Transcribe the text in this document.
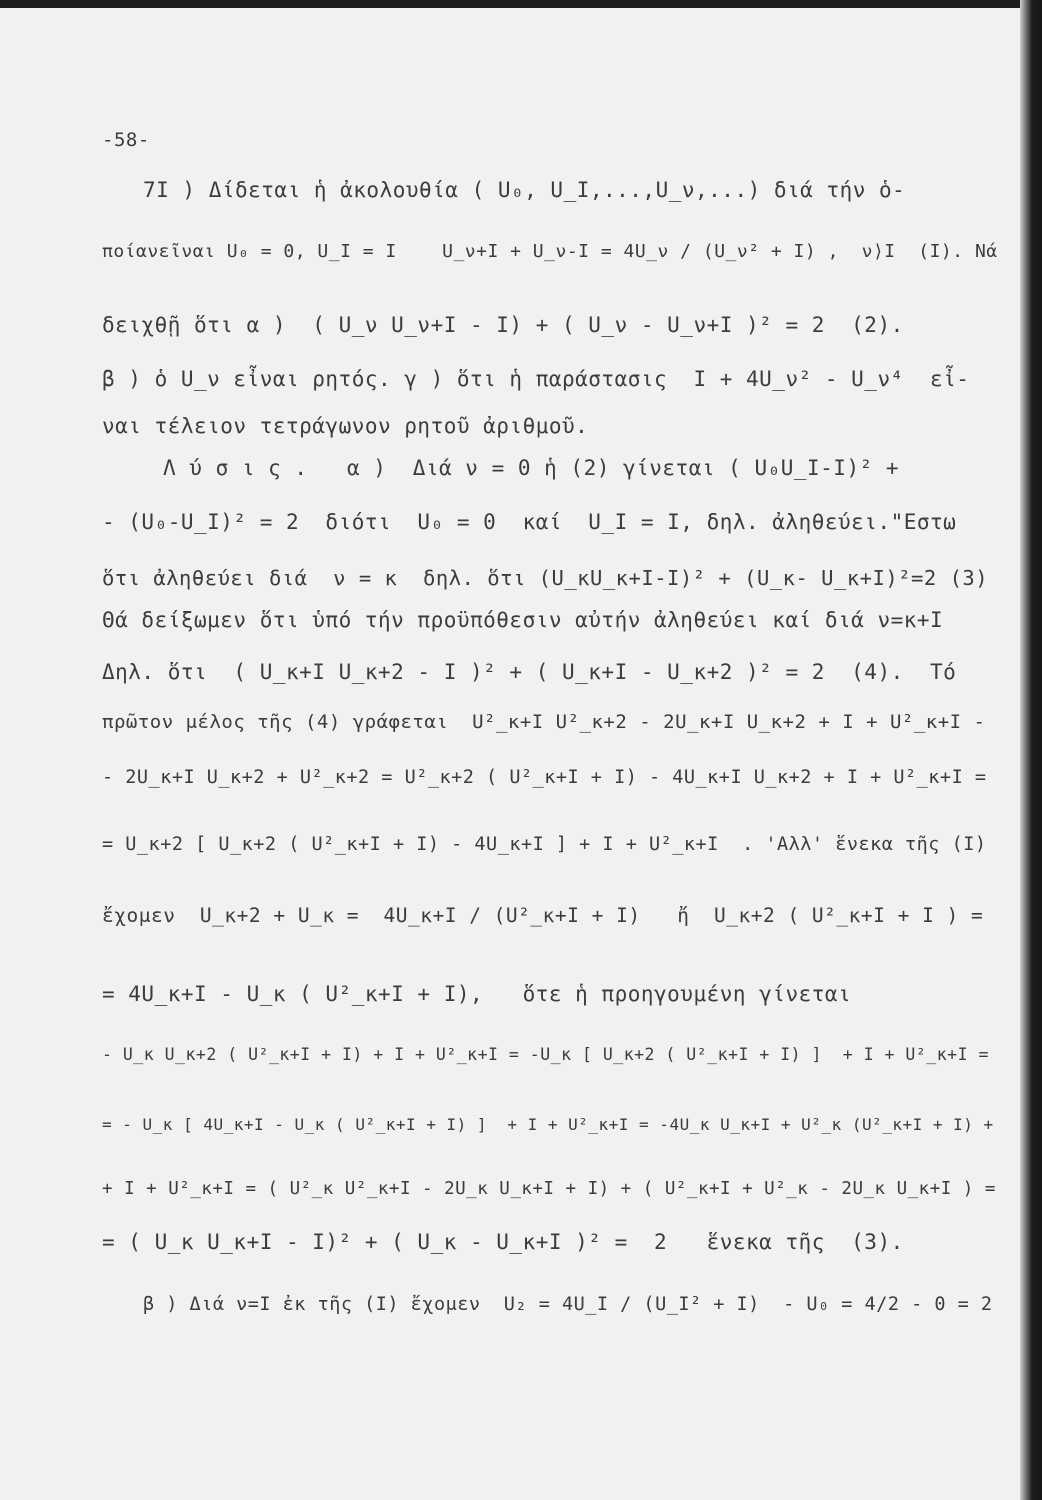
-58-
7I ) Δίδεται ἡ ἀκολουθία ( U₀, U_I,...,U_ν,...) διά τήν ὁ-
ποίανεῖναι U₀ = 0, U_I = I    U_ν+I + U_ν-I = 4U_ν / (U_ν² + I) ,  ν⟩I  (I). Νά
δειχθῇ ὅτι α )  ( U_ν U_ν+I - I) + ( U_ν - U_ν+I )² = 2  (2).
β ) ὁ U_ν εἶναι ρητός. γ ) ὅτι ἡ παράστασις  I + 4U_ν² - U_ν⁴  εἶ-
ναι τέλειον τετράγωνον ρητοῦ ἀριθμοῦ.
Λ ύ σ ι ς .   α )  Διά ν = 0 ἡ (2) γίνεται ( U₀U_I-I)² +
- (U₀-U_I)² = 2  διότι  U₀ = 0  καί  U_I = I, δηλ. ἀληθεύει."Εστω
ὅτι ἀληθεύει διά  ν = κ  δηλ. ὅτι (U_κU_κ+I-I)² + (U_κ- U_κ+I)²=2 (3)
Θά δείξωμεν ὅτι ὑπό τήν προϋπόθεσιν αὐτήν ἀληθεύει καί διά ν=κ+I
Δηλ. ὅτι  ( U_κ+I U_κ+2 - I )² + ( U_κ+I - U_κ+2 )² = 2  (4).  Τό
πρῶτον μέλος τῆς (4) γράφεται  U²_κ+I U²_κ+2 - 2U_κ+I U_κ+2 + I + U²_κ+I -
- 2U_κ+I U_κ+2 + U²_κ+2 = U²_κ+2 ( U²_κ+I + I) - 4U_κ+I U_κ+2 + I + U²_κ+I =
= U_κ+2 [ U_κ+2 ( U²_κ+I + I) - 4U_κ+I ] + I + U²_κ+I  . 'Αλλ' ἕνεκα τῆς (I)
ἔχομεν  U_κ+2 + U_κ =  4U_κ+I / (U²_κ+I + I)   ἤ  U_κ+2 ( U²_κ+I + I ) =
= 4U_κ+I - U_κ ( U²_κ+I + I),   ὅτε ἡ προηγουμένη γίνεται
- U_κ U_κ+2 ( U²_κ+I + I) + I + U²_κ+I = -U_κ [ U_κ+2 ( U²_κ+I + I) ]  + I + U²_κ+I =
= - U_κ [ 4U_κ+I - U_κ ( U²_κ+I + I) ]  + I + U²_κ+I = -4U_κ U_κ+I + U²_κ (U²_κ+I + I) +
+ I + U²_κ+I = ( U²_κ U²_κ+I - 2U_κ U_κ+I + I) + ( U²_κ+I + U²_κ - 2U_κ U_κ+I ) =
= ( U_κ U_κ+I - I)² + ( U_κ - U_κ+I )² =  2   ἕνεκα τῆς  (3).
β ) Διά ν=I ἐκ τῆς (I) ἔχομεν  U₂ = 4U_I / (U_I² + I)  - U₀ = 4/2 - 0 = 2
